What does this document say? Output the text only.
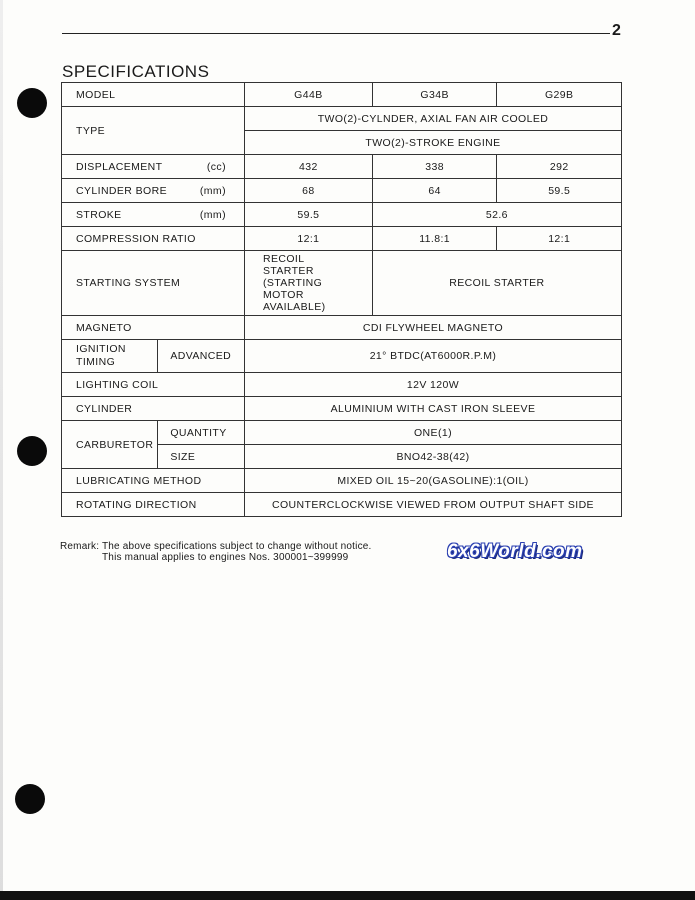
2
SPECIFICATIONS
MODEL		G44B	G34B	G29B
TYPE		TWO(2)-CYLNDER, AXIAL FAN AIR COOLED		
		TWO(2)-STROKE ENGINE		
DISPLACEMENT (cc)		432	338	292
CYLINDER BORE (mm)		68	64	59.5
STROKE (mm)		59.5	52.6	
COMPRESSION RATIO		12:1	11.8:1	12:1
STARTING SYSTEM		RECOIL STARTER (STARTING MOTOR AVAILABLE)	RECOIL STARTER	
MAGNETO		CDI FLYWHEEL MAGNETO		
IGNITION TIMING	ADVANCED	21° BTDC(AT6000R.P.M)		
LIGHTING COIL		12V 120W		
CYLINDER		ALUMINIUM WITH CAST IRON SLEEVE		
CARBURETOR	QUANTITY	ONE(1)		
	SIZE	BNO42-38(42)		
LUBRICATING METHOD		MIXED OIL 15~20(GASOLINE):1(OIL)		
ROTATING DIRECTION		COUNTERCLOCKWISE VIEWED FROM OUTPUT SHAFT SIDE		
Remark: The above specifications subject to change without notice.
This manual applies to engines Nos. 300001~399999	6x6World.com
